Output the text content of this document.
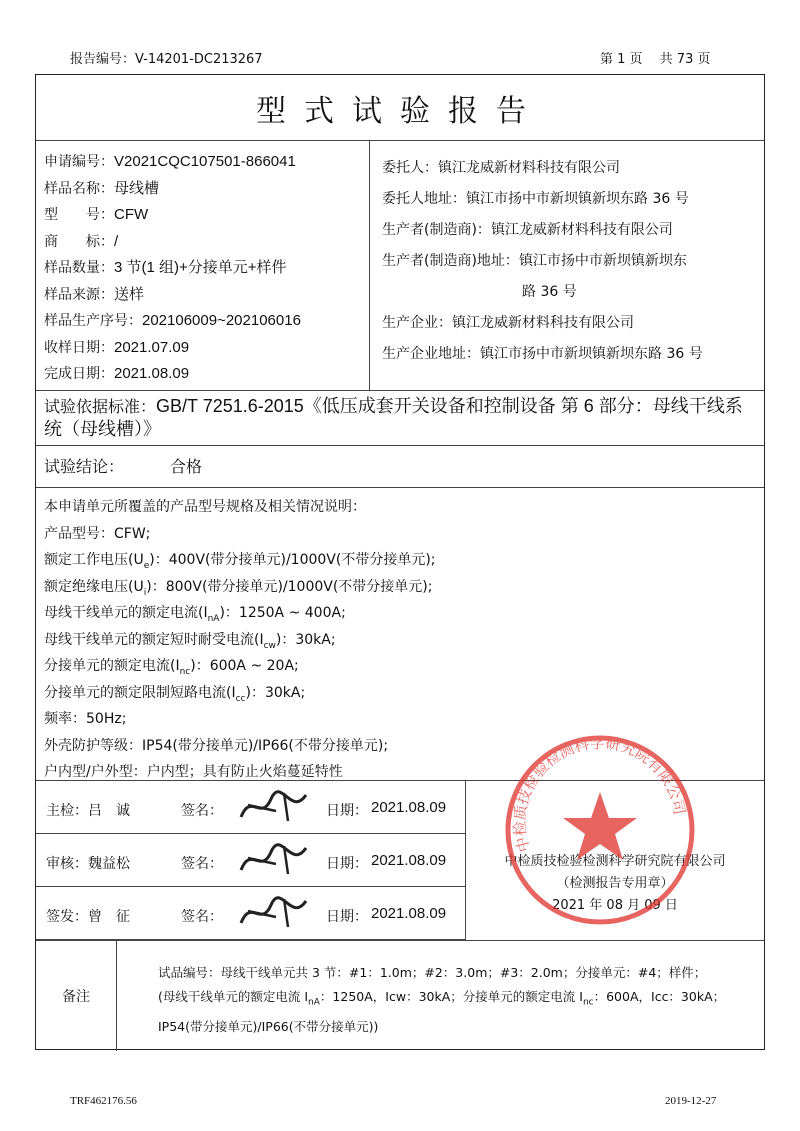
报告编号：V-14201-DC213267	第 1 页　 共 73 页
型式试验报告
申请编号：V2021CQC107501-866041
样品名称：母线槽
型　　号：CFW
商　　标：/
样品数量：3 节(1 组)+分接单元+样件
样品来源：送样
样品生产序号：202106009~202106016
收样日期：2021.07.09
完成日期：2021.08.09
委托人：镇江龙威新材料科技有限公司
委托人地址：镇江市扬中市新坝镇新坝东路 36 号
生产者(制造商)：镇江龙威新材料科技有限公司
生产者(制造商)地址：镇江市扬中市新坝镇新坝东
路 36 号
生产企业：镇江龙威新材料科技有限公司
生产企业地址：镇江市扬中市新坝镇新坝东路 36 号
试验依据标准：GB/T 7251.6-2015《低压成套开关设备和控制设备 第 6 部分：母线干线系统（母线槽）》
试验结论：	合格
本申请单元所覆盖的产品型号规格及相关情况说明：
产品型号：CFW;
额定工作电压$(U_e)$：400V(带分接单元)/1000V(不带分接单元);
额定绝缘电压$(U_i)$：800V(带分接单元)/1000V(不带分接单元);
母线干线单元的额定电流$(I_{nA})$：1250A ~ 400A;
母线干线单元的额定短时耐受电流$(I_{cw})$：30kA;
分接单元的额定电流$(I_{nc})$：600A ~ 20A;
分接单元的额定限制短路电流$(I_{cc})$：30kA;
频率：50Hz;
外壳防护等级：IP54(带分接单元)/IP66(不带分接单元);
户内型/户外型：户内型；具有防止火焰蔓延特性
主检：吕　诚	签名：	日期： 2021.08.09
审核：魏益松	签名：	日期： 2021.08.09
签发：曾　征	签名：	日期： 2021.08.09
中检质技检验检测科学研究院有限公司
（检测报告专用章）
2021 年 08 月 09 日
备注
试品编号：母线干线单元共 3 节：#1：1.0m；#2：3.0m；#3：2.0m；分接单元：#4；样件；
(母线干线单元的额定电流 $I_{nA}$：1250A，Icw：30kA；分接单元的额定电流 $I_{nc}$：600A，Icc：30kA；
IP54(带分接单元)/IP66(不带分接单元))
中检质技检验检测科学研究院有限公司
TRF462176.56	2019-12-27
